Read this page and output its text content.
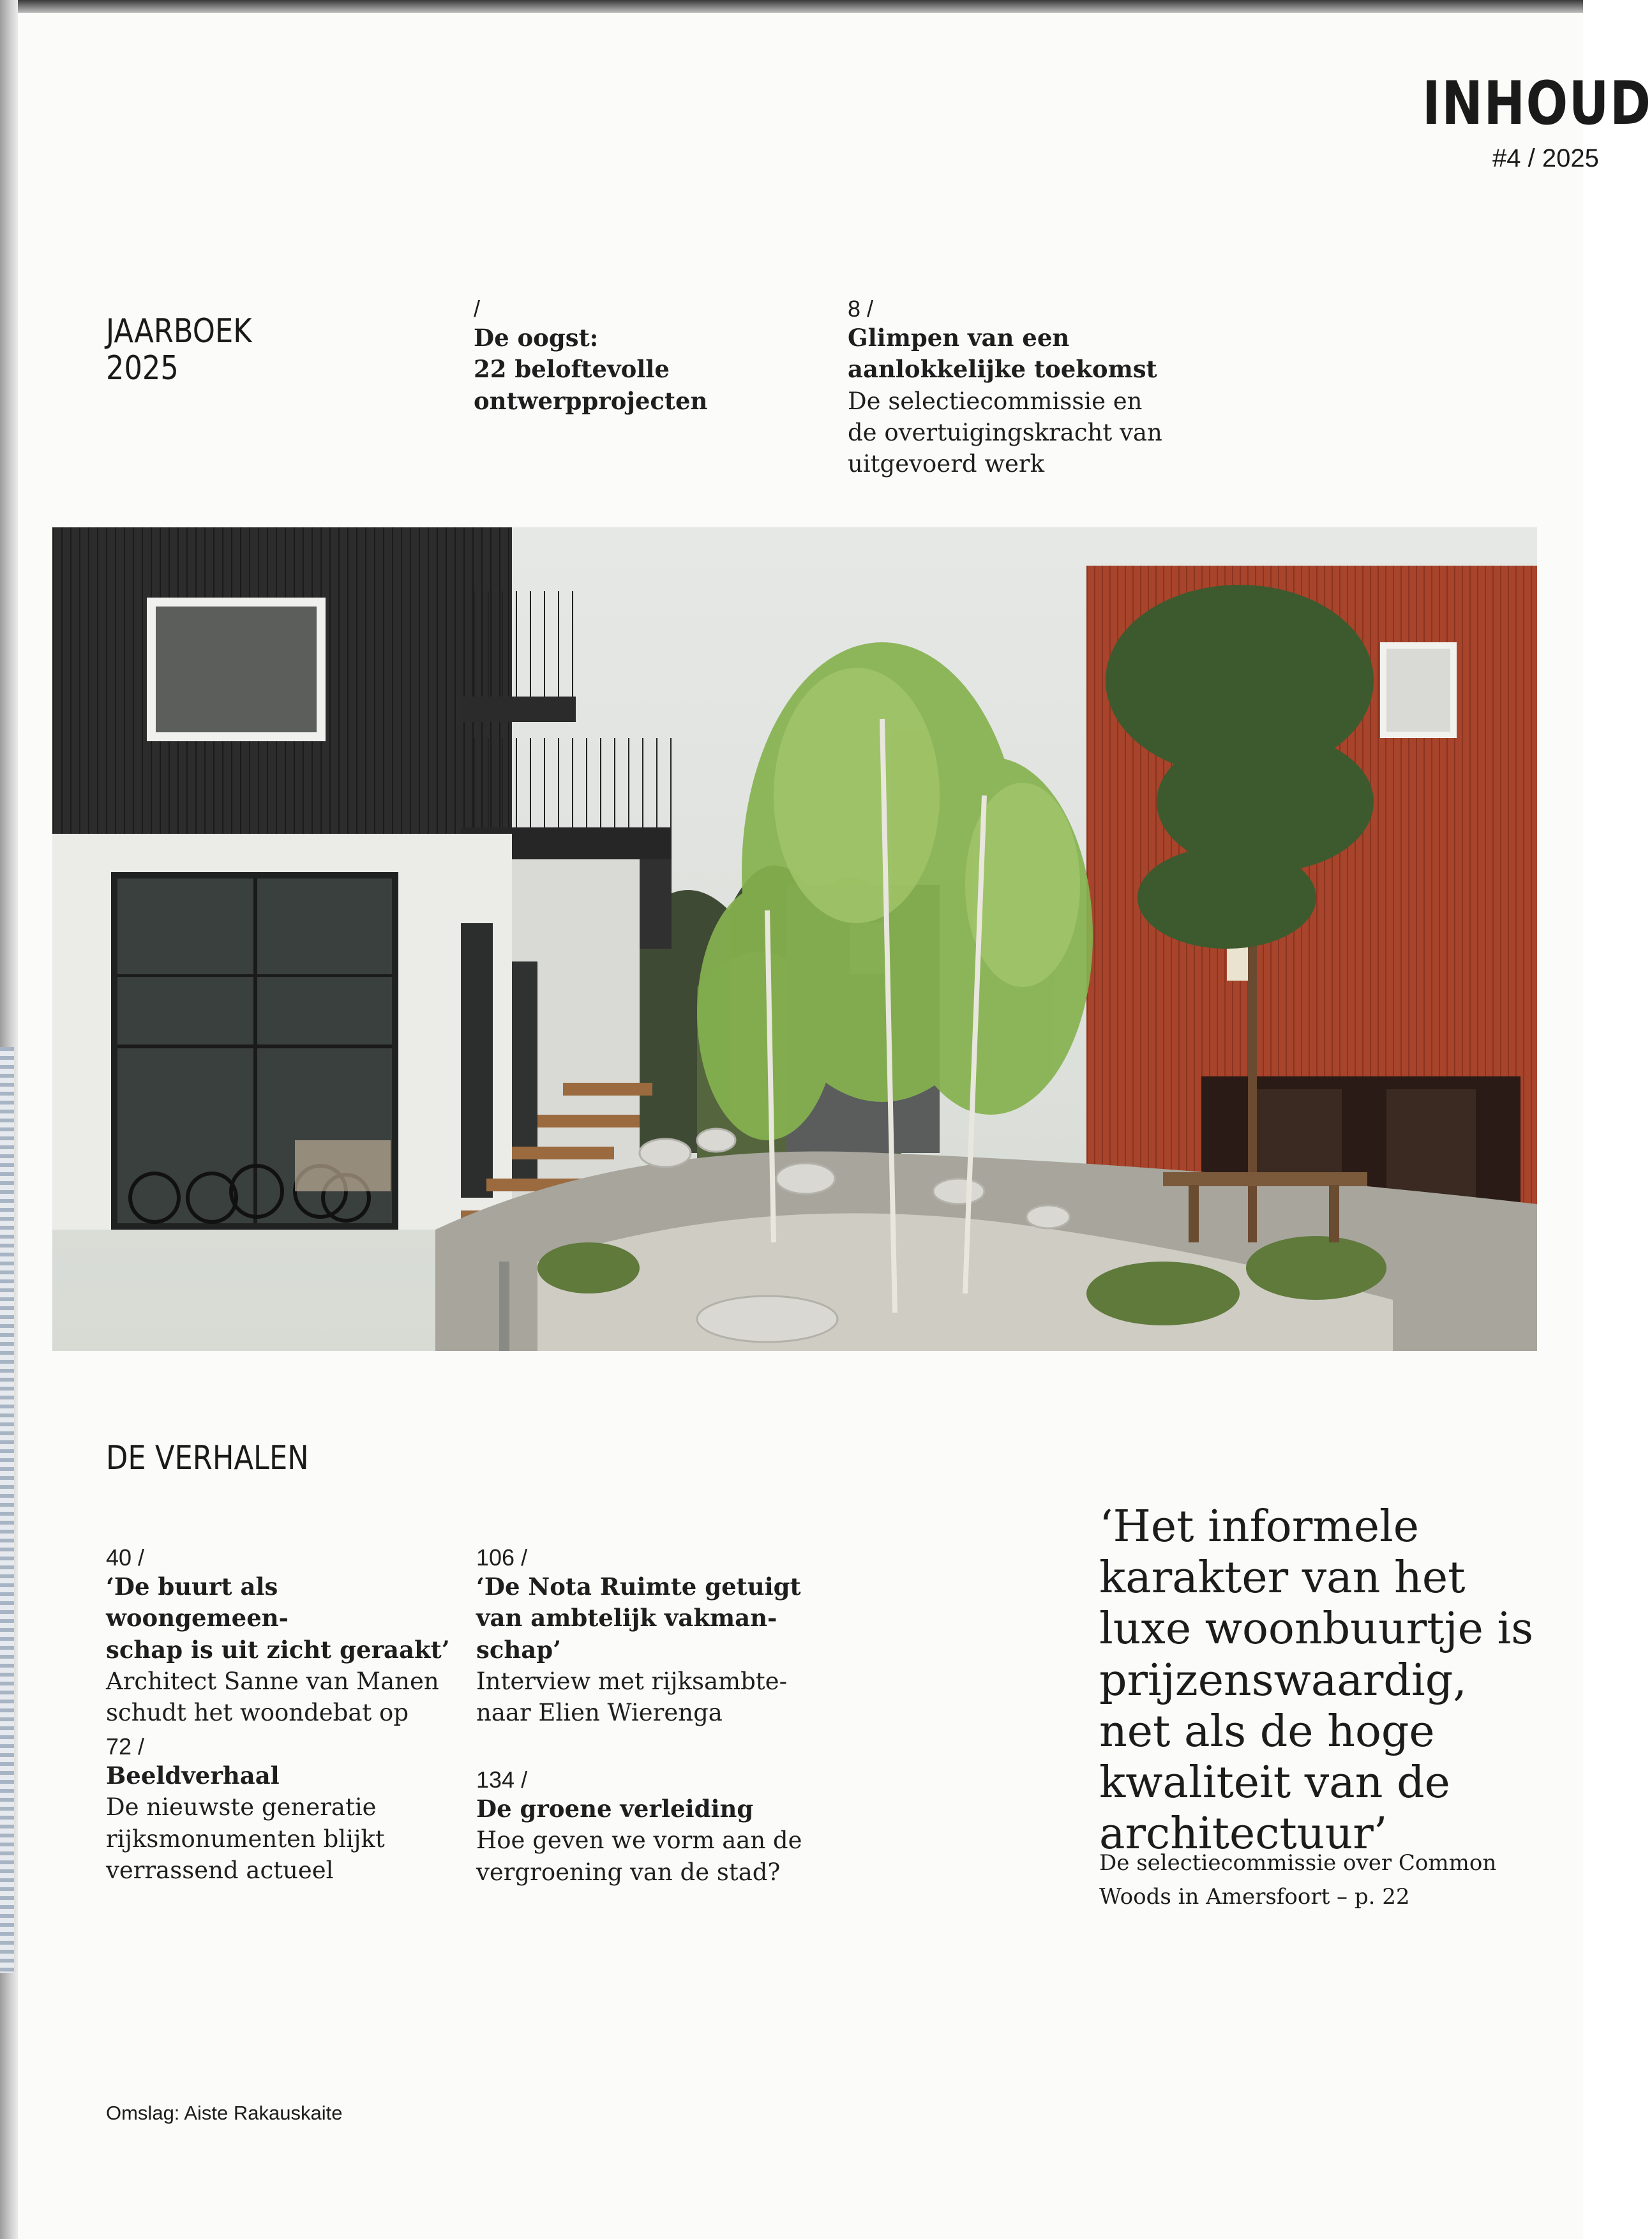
INHOUD
#4 / 2025
JAARBOEK
2025
/
De oogst:
22 beloftevolle
ontwerpprojecten
8 /
Glimpen van een
aanlokkelijke toekomst
De selectiecommissie en
de overtuigingskracht van
uitgevoerd werk
DE VERHALEN
40 /
‘De buurt als woongemeen-
schap is uit zicht geraakt’
Architect Sanne van Manen
schudt het woondebat op
72 /
Beeldverhaal
De nieuwste generatie
rijksmonumenten blijkt
verrassend actueel
106 /
‘De Nota Ruimte getuigt
van ambtelijk vakman-
schap’
Interview met rijksambte-
naar Elien Wierenga
134 /
De groene verleiding
Hoe geven we vorm aan de
vergroening van de stad?
‘Het informele karakter van het luxe woonbuurtje is prijzenswaardig, net als de hoge kwaliteit van de architectuur’
De selectiecommissie over Common Woods in Amersfoort – p. 22
Omslag: Aiste Rakauskaite
